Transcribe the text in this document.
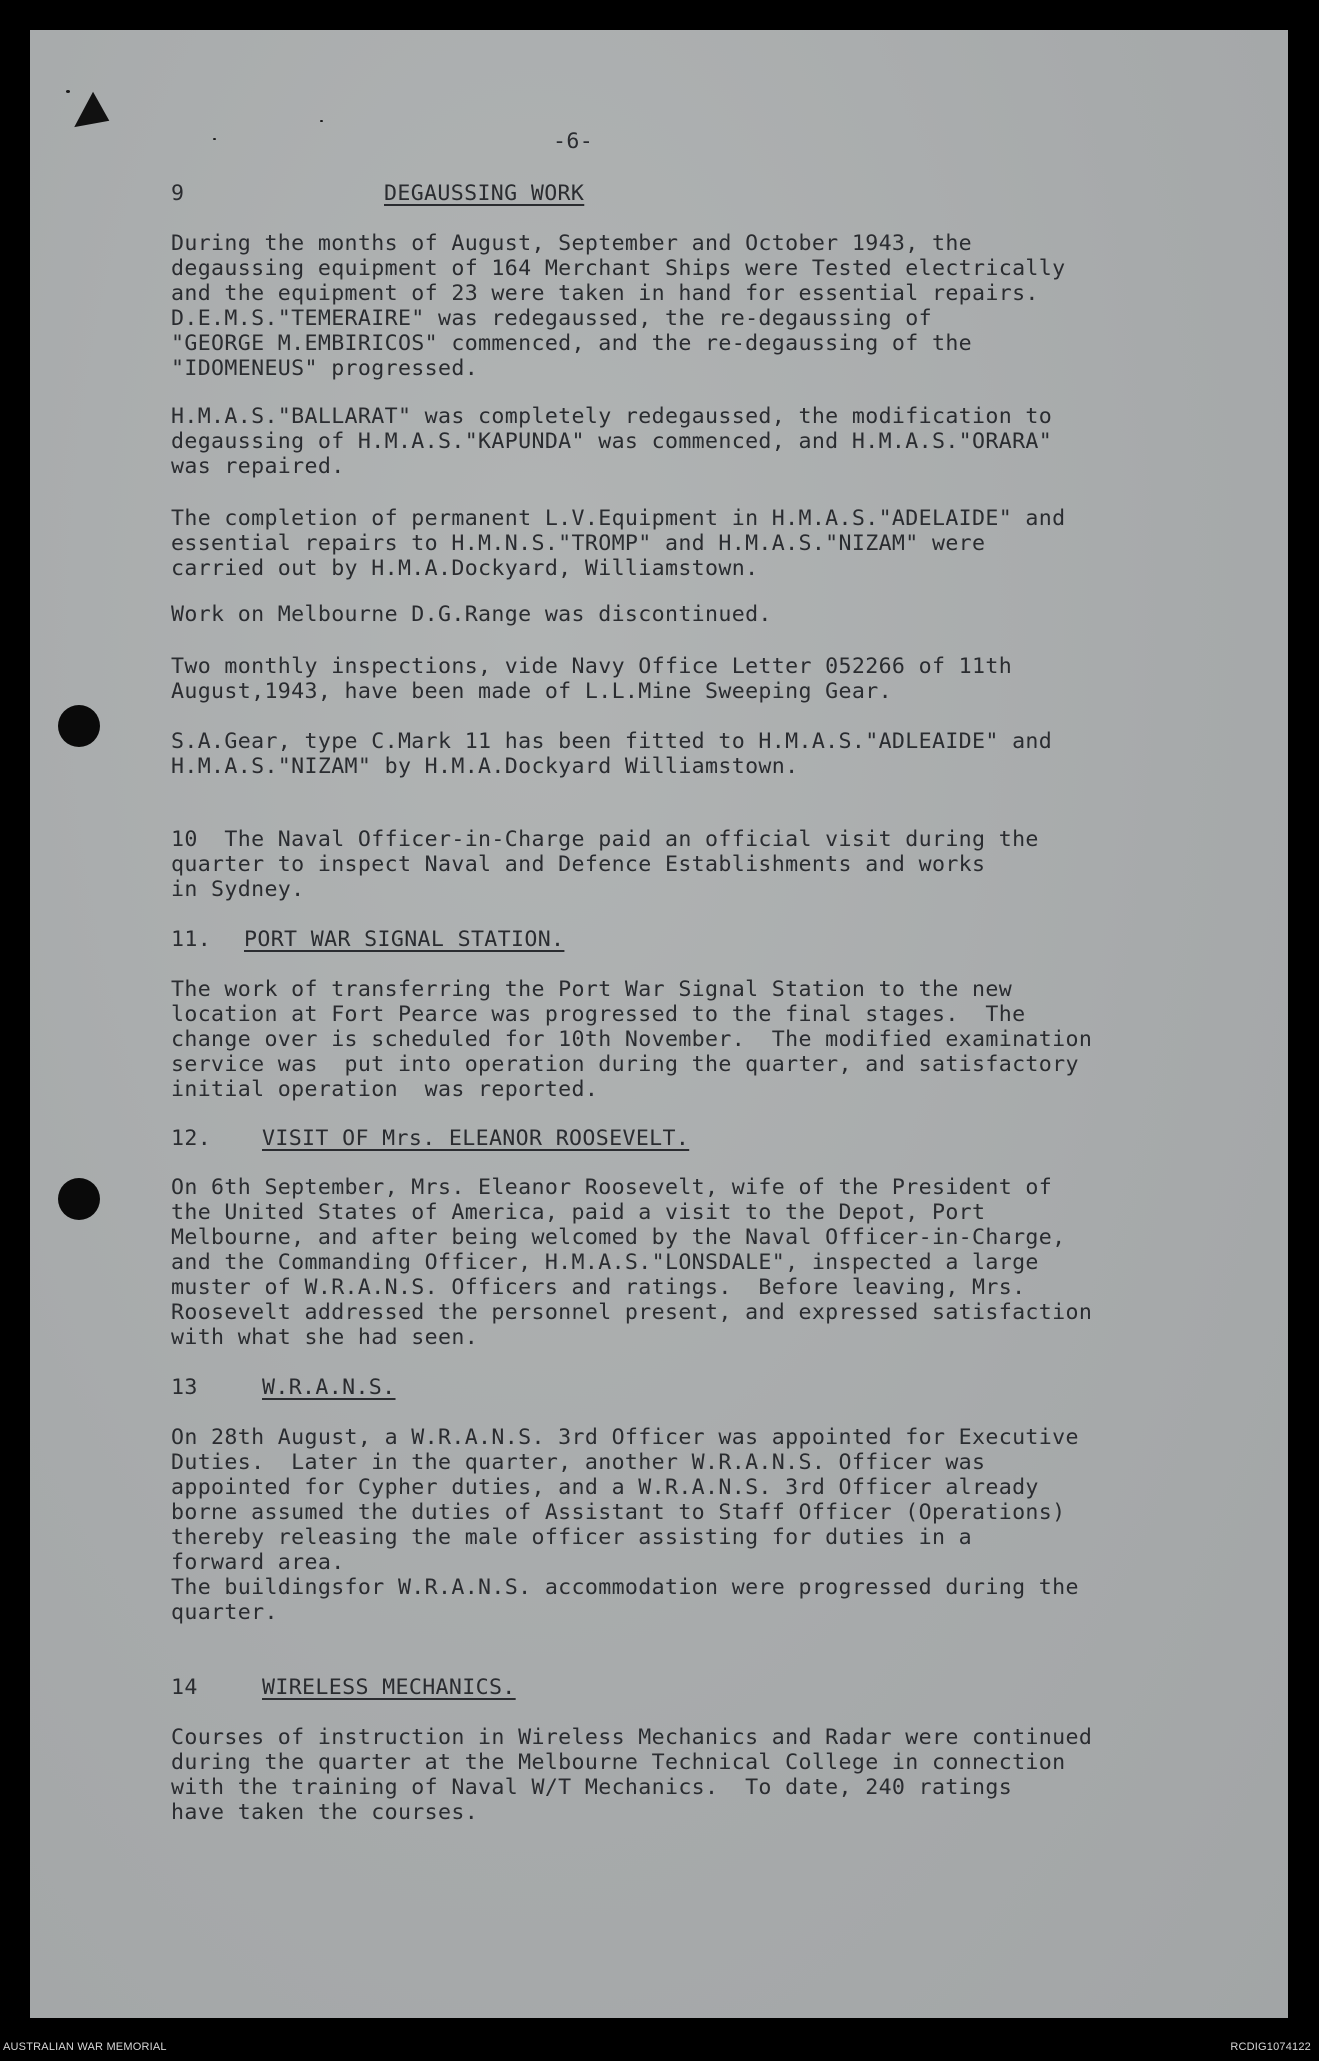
-6-

9

	DEGAUSSING WORK

During the months of August, September and October 1943, the

degaussing equipment of 164 Merchant Ships were Tested electrically

and the equipment of 23 were taken in hand for essential repairs.

D.E.M.S."TEMERAIRE" was redegaussed, the re-degaussing of

"GEORGE M.EMBIRICOS" commenced, and the re-degaussing of the

"IDOMENEUS" progressed.

H.M.A.S."BALLARAT" was completely redegaussed, the modification to

degaussing of H.M.A.S."KAPUNDA" was commenced, and H.M.A.S."ORARA"

was repaired.

The completion of permanent L.V.Equipment in H.M.A.S."ADELAIDE" and

essential repairs to H.M.N.S."TROMP" and H.M.A.S."NIZAM" were

carried out by H.M.A.Dockyard, Williamstown.

Work on Melbourne D.G.Range was discontinued.

Two monthly inspections, vide Navy Office Letter 052266 of 11th

August,1943, have been made of L.L.Mine Sweeping Gear.

S.A.Gear, type C.Mark 11 has been fitted to H.M.A.S."ADLEAIDE" and

H.M.A.S."NIZAM" by H.M.A.Dockyard Williamstown.

10  The Naval Officer-in-Charge paid an official visit during the

quarter to inspect Naval and Defence Establishments and works

in Sydney.

11.

PORT WAR SIGNAL STATION.

The work of transferring the Port War Signal Station to the new

location at Fort Pearce was progressed to the final stages.  The

change over is scheduled for 10th November.  The modified examination

service was  put into operation during the quarter, and satisfactory

initial operation  was reported.

12.

VISIT OF Mrs. ELEANOR ROOSEVELT.

On 6th September, Mrs. Eleanor Roosevelt, wife of the President of

the United States of America, paid a visit to the Depot, Port

Melbourne, and after being welcomed by the Naval Officer-in-Charge,

and the Commanding Officer, H.M.A.S."LONSDALE", inspected a large

muster of W.R.A.N.S. Officers and ratings.  Before leaving, Mrs.

Roosevelt addressed the personnel present, and expressed satisfaction

with what she had seen.

13

	W.R.A.N.S.

On 28th August, a W.R.A.N.S. 3rd Officer was appointed for Executive

Duties.  Later in the quarter, another W.R.A.N.S. Officer was

appointed for Cypher duties, and a W.R.A.N.S. 3rd Officer already

borne assumed the duties of Assistant to Staff Officer (Operations)

thereby releasing the male officer assisting for duties in a

forward area.

The buildingsfor W.R.A.N.S. accommodation were progressed during the

quarter.

14

	WIRELESS MECHANICS.

Courses of instruction in Wireless Mechanics and Radar were continued

during the quarter at the Melbourne Technical College in connection

with the training of Naval W/T Mechanics.  To date, 240 ratings

have taken the courses.

AUSTRALIAN WAR MEMORIAL	RCDIG1074122
